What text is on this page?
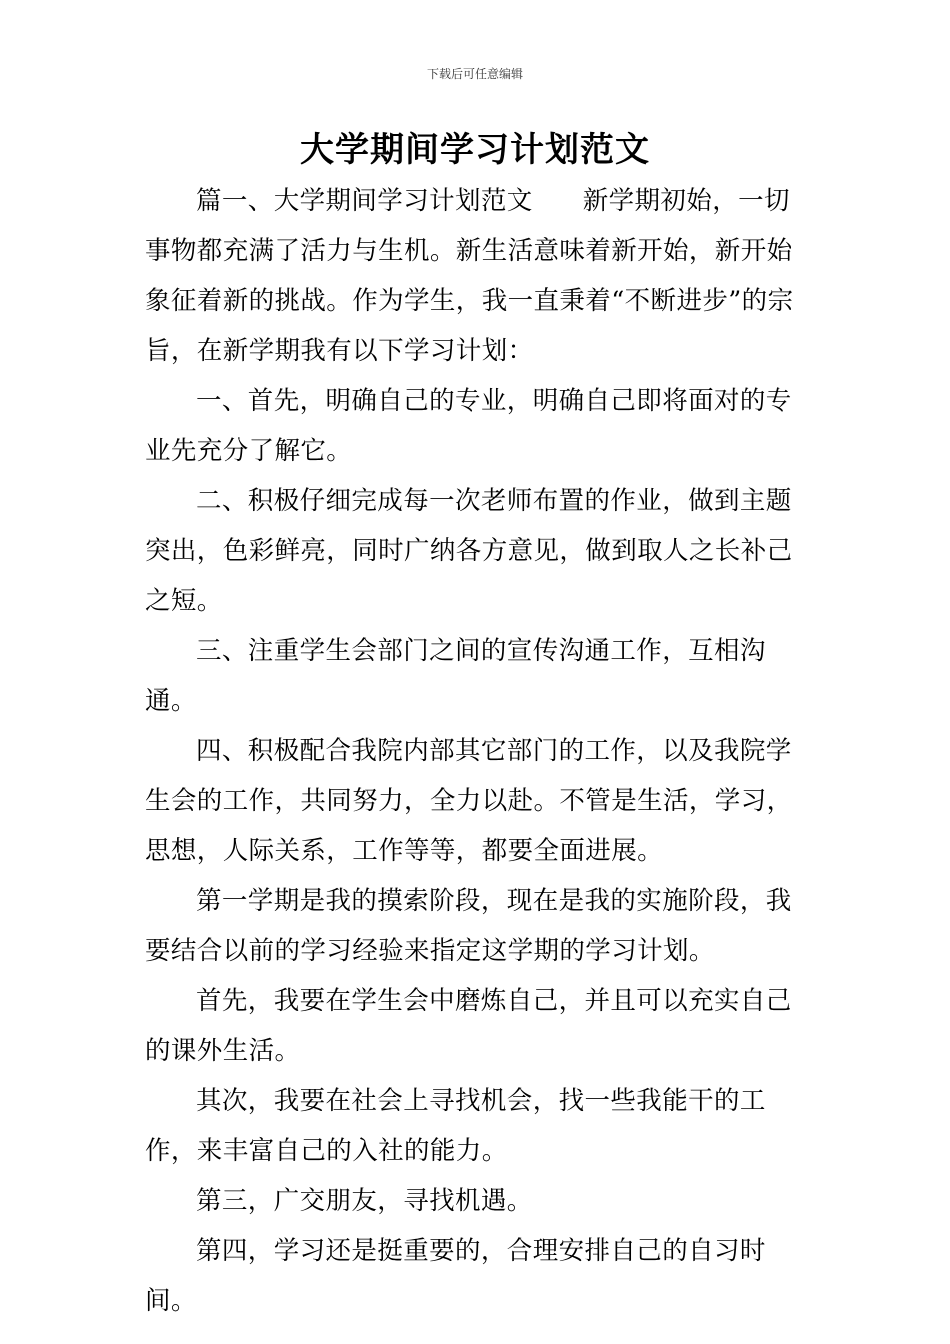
下载后可任意编辑
大学期间学习计划范文

篇一、大学期间学习计划范文 新学期初始，一切事物都充满了活力与生机。新生活意味着新开始，新开始象征着新的挑战。作为学生，我一直秉着“不断进步”的宗旨，在新学期我有以下学习计划：

一、首先，明确自己的专业，明确自己即将面对的专业先充分了解它。

二、积极仔细完成每一次老师布置的作业，做到主题突出，色彩鲜亮，同时广纳各方意见，做到取人之长补己之短。

三、注重学生会部门之间的宣传沟通工作，互相沟通。

四、积极配合我院内部其它部门的工作，以及我院学生会的工作，共同努力，全力以赴。不管是生活，学习，思想，人际关系，工作等等，都要全面进展。

第一学期是我的摸索阶段，现在是我的实施阶段，我要结合以前的学习经验来指定这学期的学习计划。

首先，我要在学生会中磨炼自己，并且可以充实自己的课外生活。

其次，我要在社会上寻找机会，找一些我能干的工作，来丰富自己的入社的能力。

第三，广交朋友，寻找机遇。

第四，学习还是挺重要的，合理安排自己的自习时间。
